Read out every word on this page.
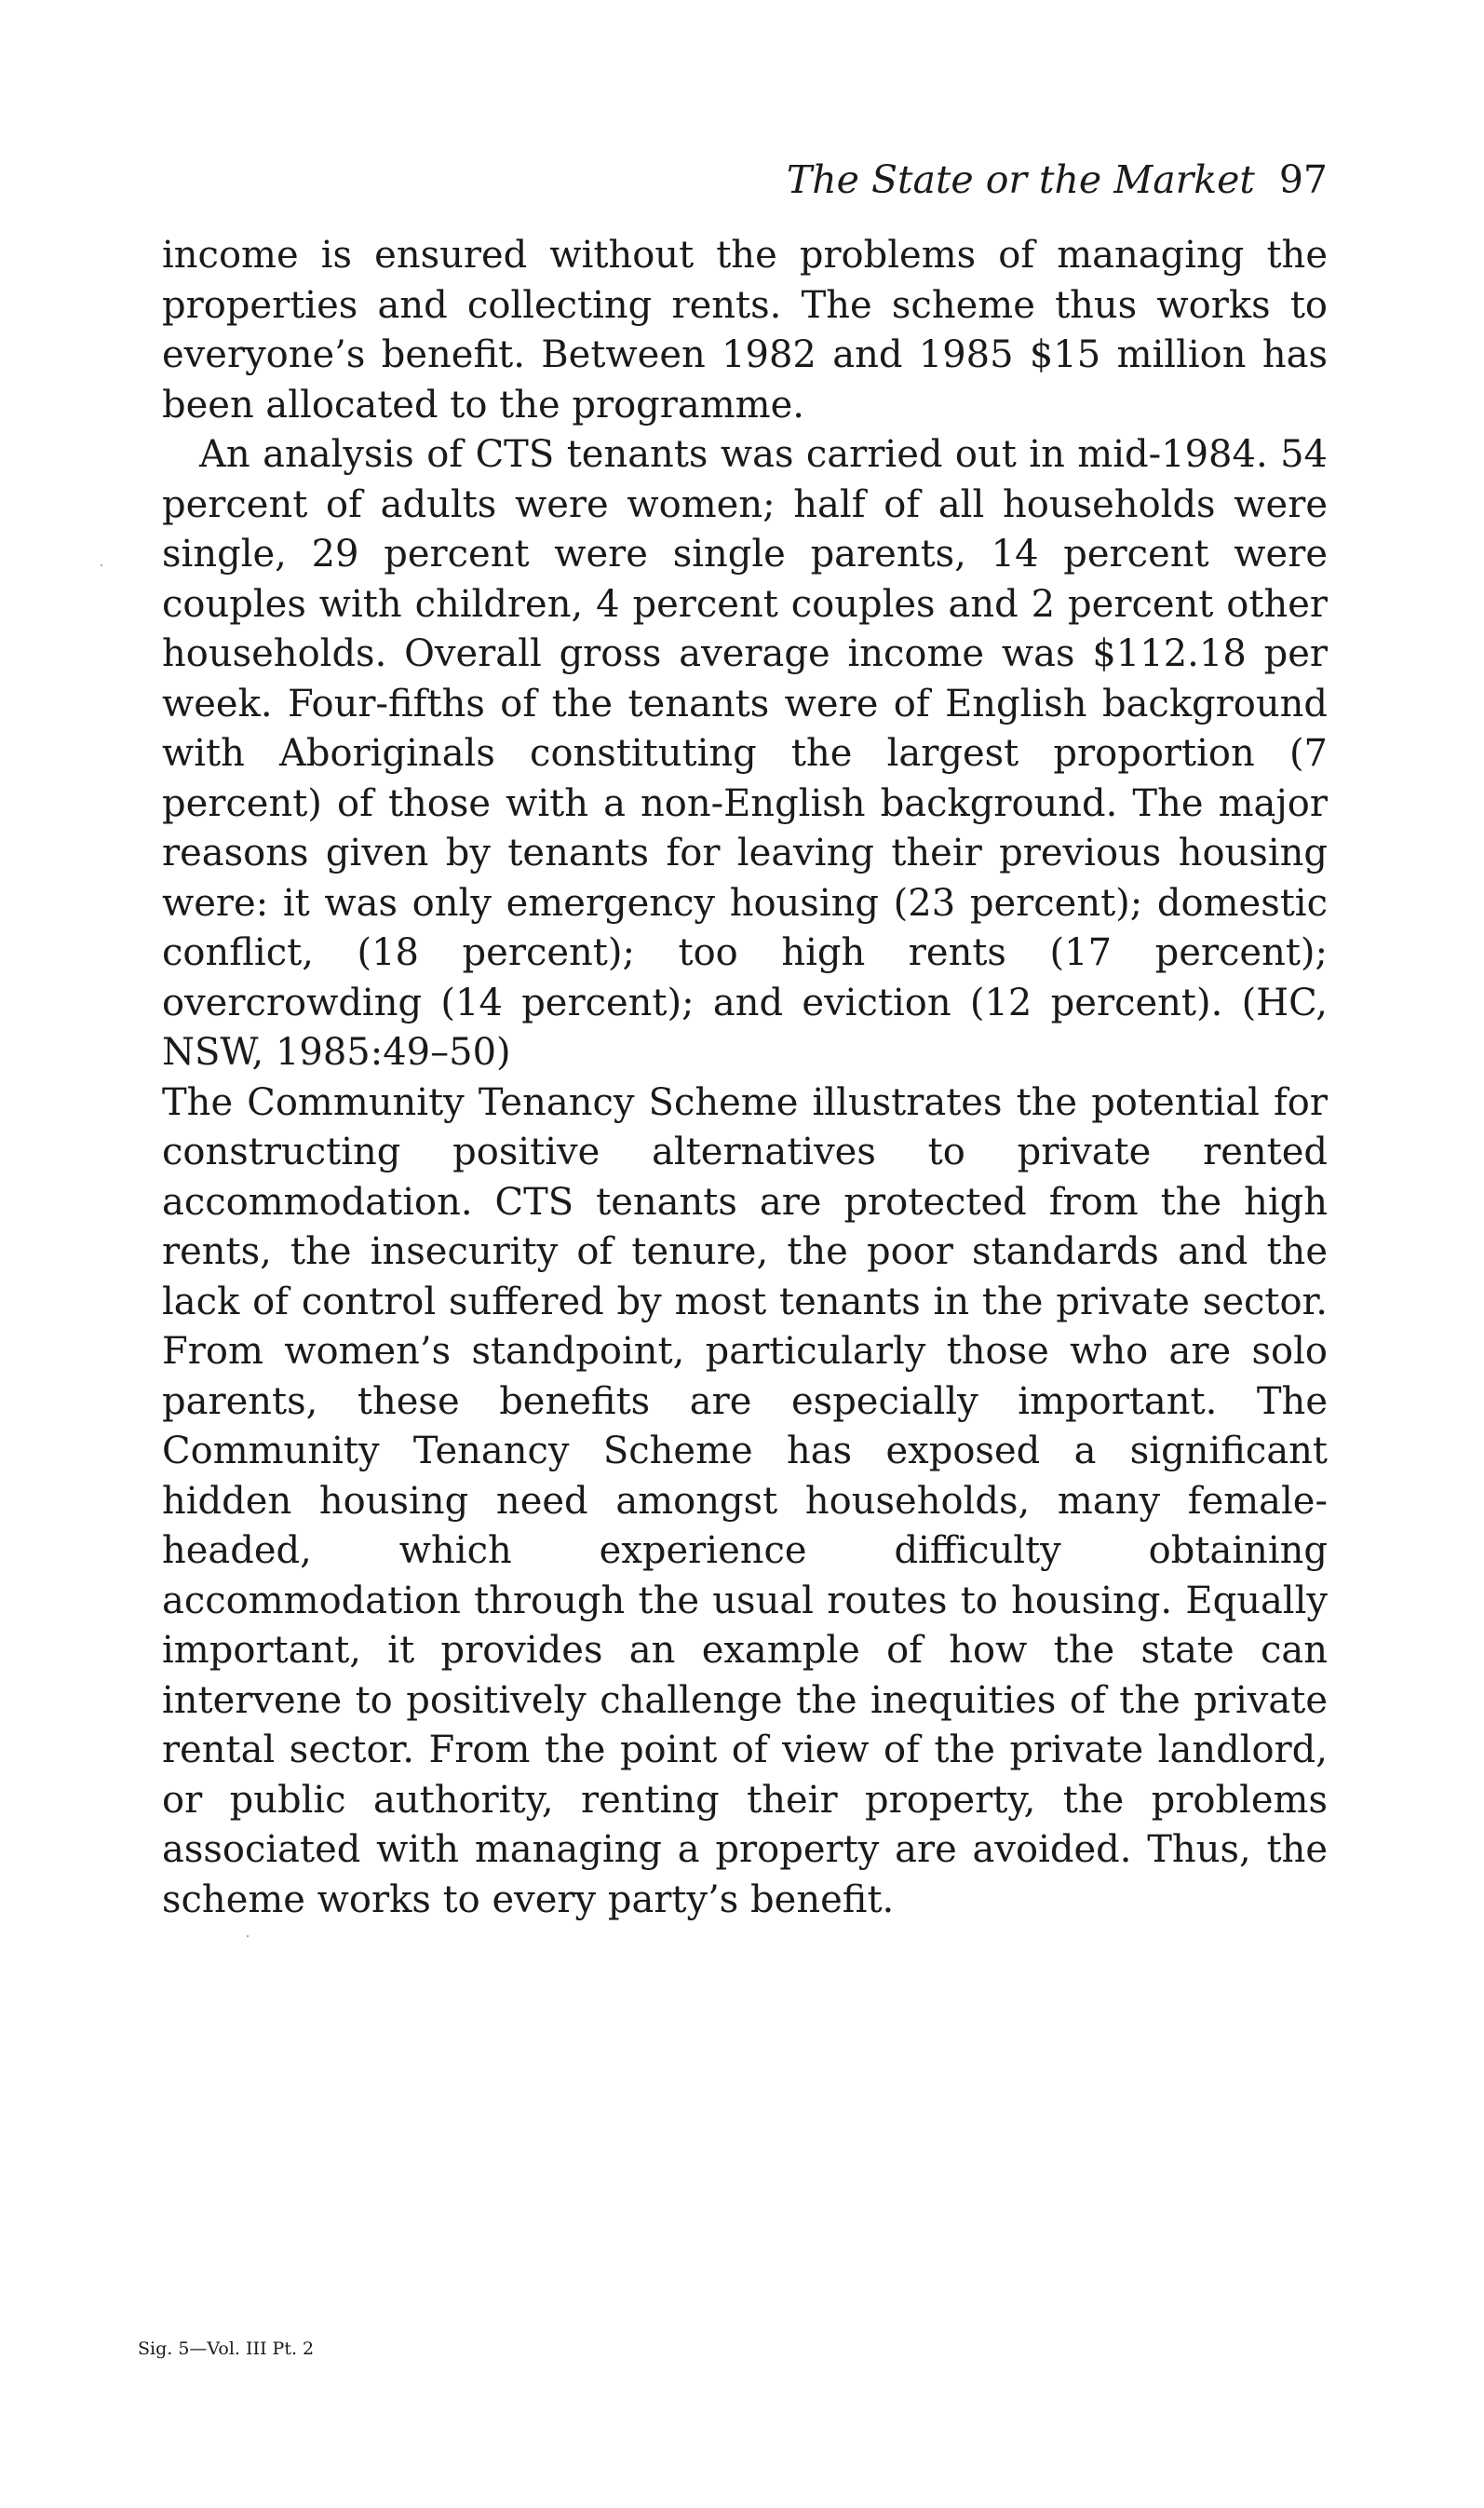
The State or the Market 97

income is ensured without the problems of managing the properties and collecting rents. The scheme thus works to everyone’s benefit. Between 1982 and 1985 $15 million has been allocated to the programme.

An analysis of CTS tenants was carried out in mid-1984. 54 percent of adults were women; half of all households were single, 29 percent were single parents, 14 percent were couples with children, 4 percent couples and 2 percent other households. Overall gross average income was $112.18 per week. Four-fifths of the tenants were of English background with Aboriginals constituting the largest proportion (7 percent) of those with a non-English background. The major reasons given by tenants for leaving their previous housing were: it was only emergency housing (23 percent); domestic conflict, (18 percent); too high rents (17 percent); overcrowding (14 percent); and eviction (12 percent). (HC, NSW, 1985:49–50)

The Community Tenancy Scheme illustrates the potential for constructing positive alternatives to private rented accommodation. CTS tenants are protected from the high rents, the insecurity of tenure, the poor standards and the lack of control suffered by most tenants in the private sector. From women’s standpoint, particularly those who are solo parents, these benefits are especially important. The Community Tenancy Scheme has exposed a significant hidden housing need amongst households, many female-headed, which experience difficulty obtaining accommodation through the usual routes to housing. Equally important, it provides an example of how the state can intervene to positively challenge the inequities of the private rental sector. From the point of view of the private landlord, or public authority, renting their property, the problems associated with managing a property are avoided. Thus, the scheme works to every party’s benefit.

Sig. 5—Vol. III Pt. 2
